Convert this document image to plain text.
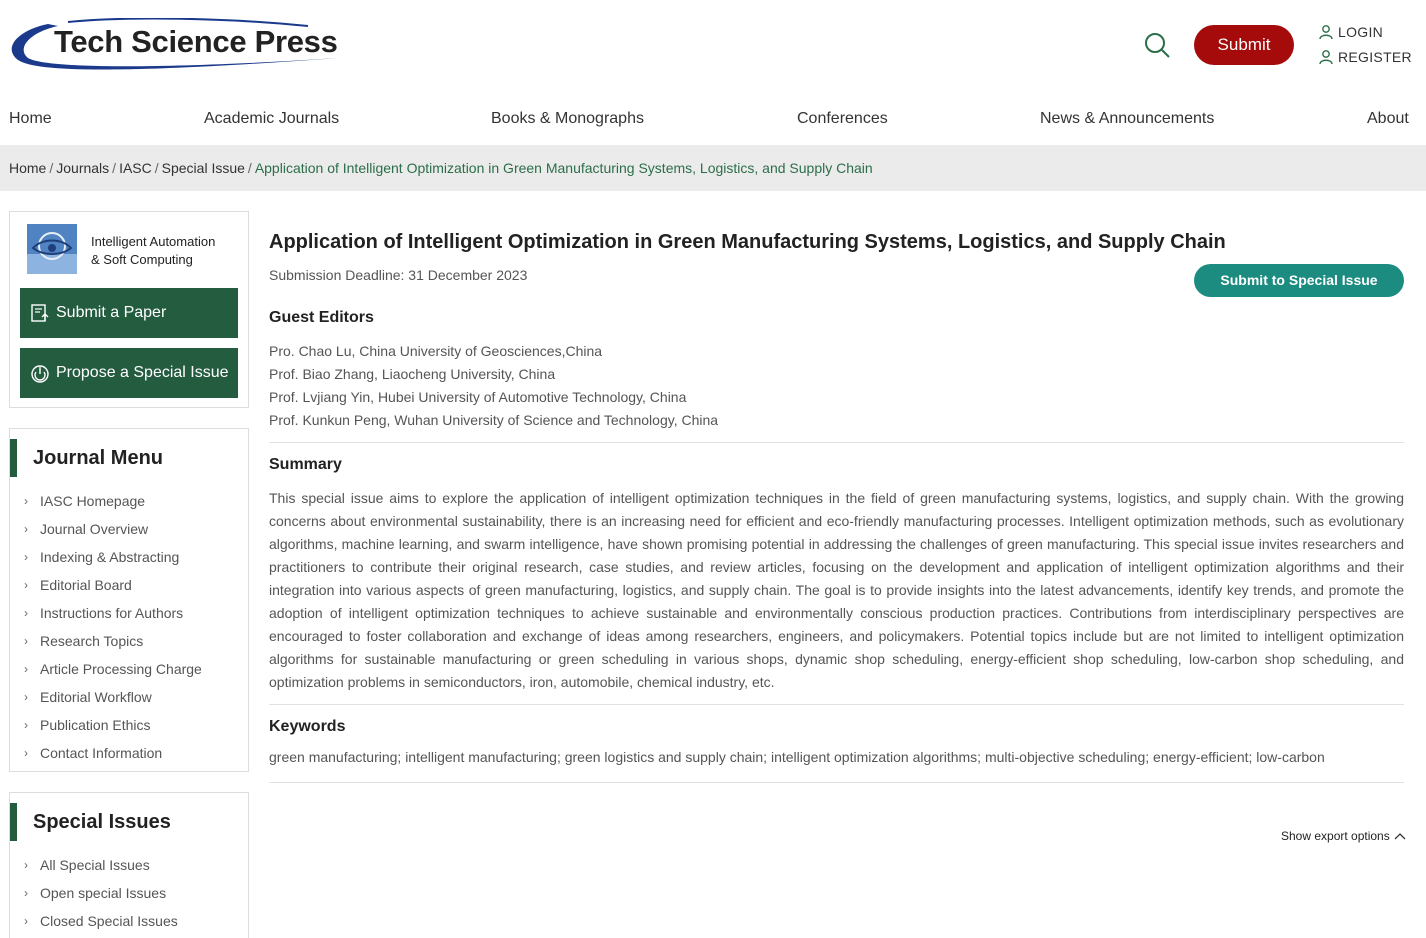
Tech Science Press	Submit
LOGIN
REGISTER
Home	Academic Journals	Books & Monographs	Conferences	News & Announcements	About
Home / Journals / IASC / Special Issue / Application of Intelligent Optimization in Green Manufacturing Systems, Logistics, and Supply Chain
Intelligent Automation
& Soft Computing
Submit a Paper
Propose a Special Issue
Journal Menu
› IASC Homepage
› Journal Overview
› Indexing & Abstracting
› Editorial Board
› Instructions for Authors
› Research Topics
› Article Processing Charge
› Editorial Workflow
› Publication Ethics
› Contact Information
Special Issues
› All Special Issues
› Open special Issues
› Closed Special Issues
Application of Intelligent Optimization in Green Manufacturing Systems, Logistics, and Supply Chain
Submission Deadline: 31 December 2023	Submit to Special Issue
Guest Editors
Pro. Chao Lu, China University of Geosciences,China
Prof. Biao Zhang, Liaocheng University, China
Prof. Lvjiang Yin, Hubei University of Automotive Technology, China
Prof. Kunkun Peng, Wuhan University of Science and Technology, China
Summary

This special issue aims to explore the application of intelligent optimization techniques in the field of green manufacturing systems, logistics, and supply chain. With the growing concerns about environmental sustainability, there is an increasing need for efficient and eco-friendly manufacturing processes. Intelligent optimization methods, such as evolutionary algorithms, machine learning, and swarm intelligence, have shown promising potential in addressing the challenges of green manufacturing. This special issue invites researchers and practitioners to contribute their original research, case studies, and review articles, focusing on the development and application of intelligent optimization algorithms and their integration into various aspects of green manufacturing, logistics, and supply chain. The goal is to provide insights into the latest advancements, identify key trends, and promote the adoption of intelligent optimization techniques to achieve sustainable and environmentally conscious production practices. Contributions from interdisciplinary perspectives are encouraged to foster collaboration and exchange of ideas among researchers, engineers, and policymakers. Potential topics include but are not limited to intelligent optimization algorithms for sustainable manufacturing or green scheduling in various shops, dynamic shop scheduling, energy-efficient shop scheduling, low-carbon shop scheduling, and optimization problems in semiconductors, iron, automobile, chemical industry, etc.

Keywords
green manufacturing; intelligent manufacturing; green logistics and supply chain; intelligent optimization algorithms; multi-objective scheduling; energy-efficient; low-carbon
Show export options
